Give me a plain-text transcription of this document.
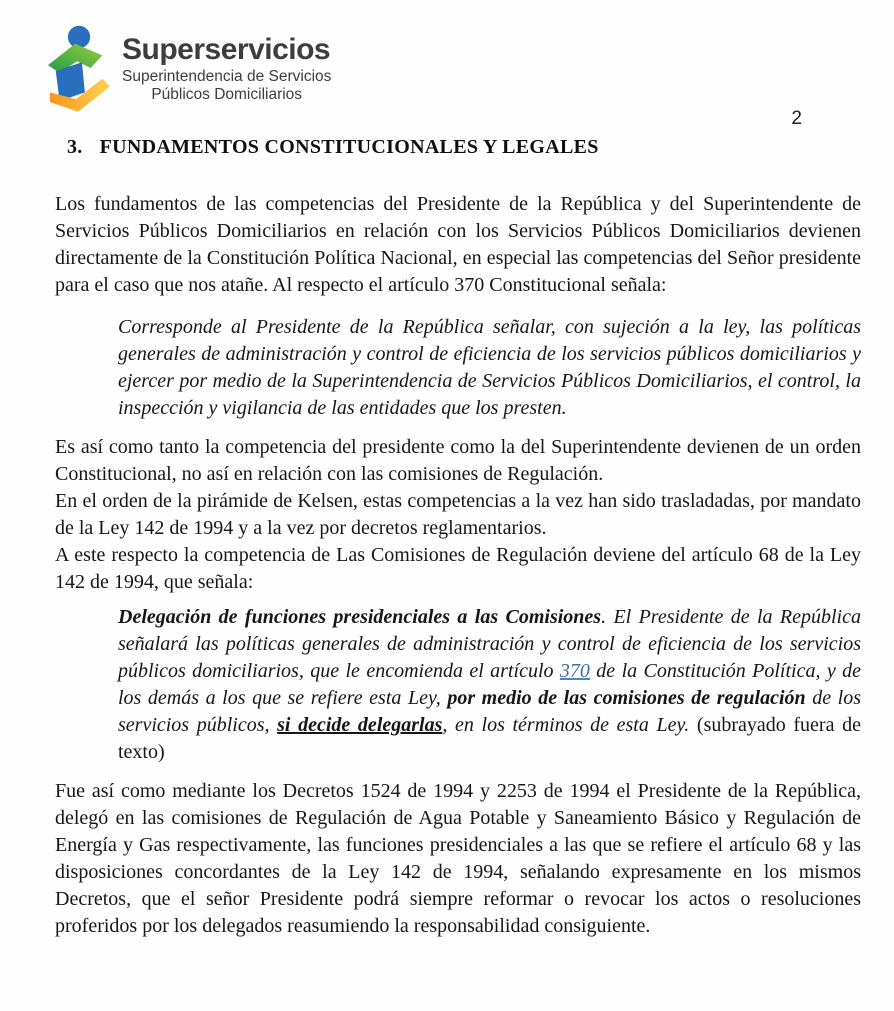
Superservicios
Superintendencia de Servicios
Públicos Domiciliarios
2
3. FUNDAMENTOS CONSTITUCIONALES Y LEGALES

Los fundamentos de las competencias del Presidente de la República y del Superintendente de Servicios Públicos Domiciliarios en relación con los Servicios Públicos Domiciliarios devienen directamente de la Constitución Política Nacional, en especial las competencias del Señor presidente para el caso que nos atañe. Al respecto el artículo 370 Constitucional señala:

Corresponde al Presidente de la República señalar, con sujeción a la ley, las políticas generales de administración y control de eficiencia de los servicios públicos domiciliarios y ejercer por medio de la Superintendencia de Servicios Públicos Domiciliarios, el control, la inspección y vigilancia de las entidades que los presten.

Es así como tanto la competencia del presidente como la del Superintendente devienen de un orden Constitucional, no así en relación con las comisiones de Regulación.

En el orden de la pirámide de Kelsen, estas competencias a la vez han sido trasladadas, por mandato de la Ley 142 de 1994 y a la vez por decretos reglamentarios.

A este respecto la competencia de Las Comisiones de Regulación deviene del artículo 68 de la Ley 142 de 1994, que señala:

Delegación de funciones presidenciales a las Comisiones. El Presidente de la República señalará las políticas generales de administración y control de eficiencia de los servicios públicos domiciliarios, que le encomienda el artículo 370 de la Constitución Política, y de los demás a los que se refiere esta Ley, por medio de las comisiones de regulación de los servicios públicos, si decide delegarlas, en los términos de esta Ley. (subrayado fuera de texto)

Fue así como mediante los Decretos 1524 de 1994 y 2253 de 1994 el Presidente de la República, delegó en las comisiones de Regulación de Agua Potable y Saneamiento Básico y Regulación de Energía y Gas respectivamente, las funciones presidenciales a las que se refiere el artículo 68 y las disposiciones concordantes de la Ley 142 de 1994, señalando expresamente en los mismos Decretos, que el señor Presidente podrá siempre reformar o revocar los actos o resoluciones proferidos por los delegados reasumiendo la responsabilidad consiguiente.
